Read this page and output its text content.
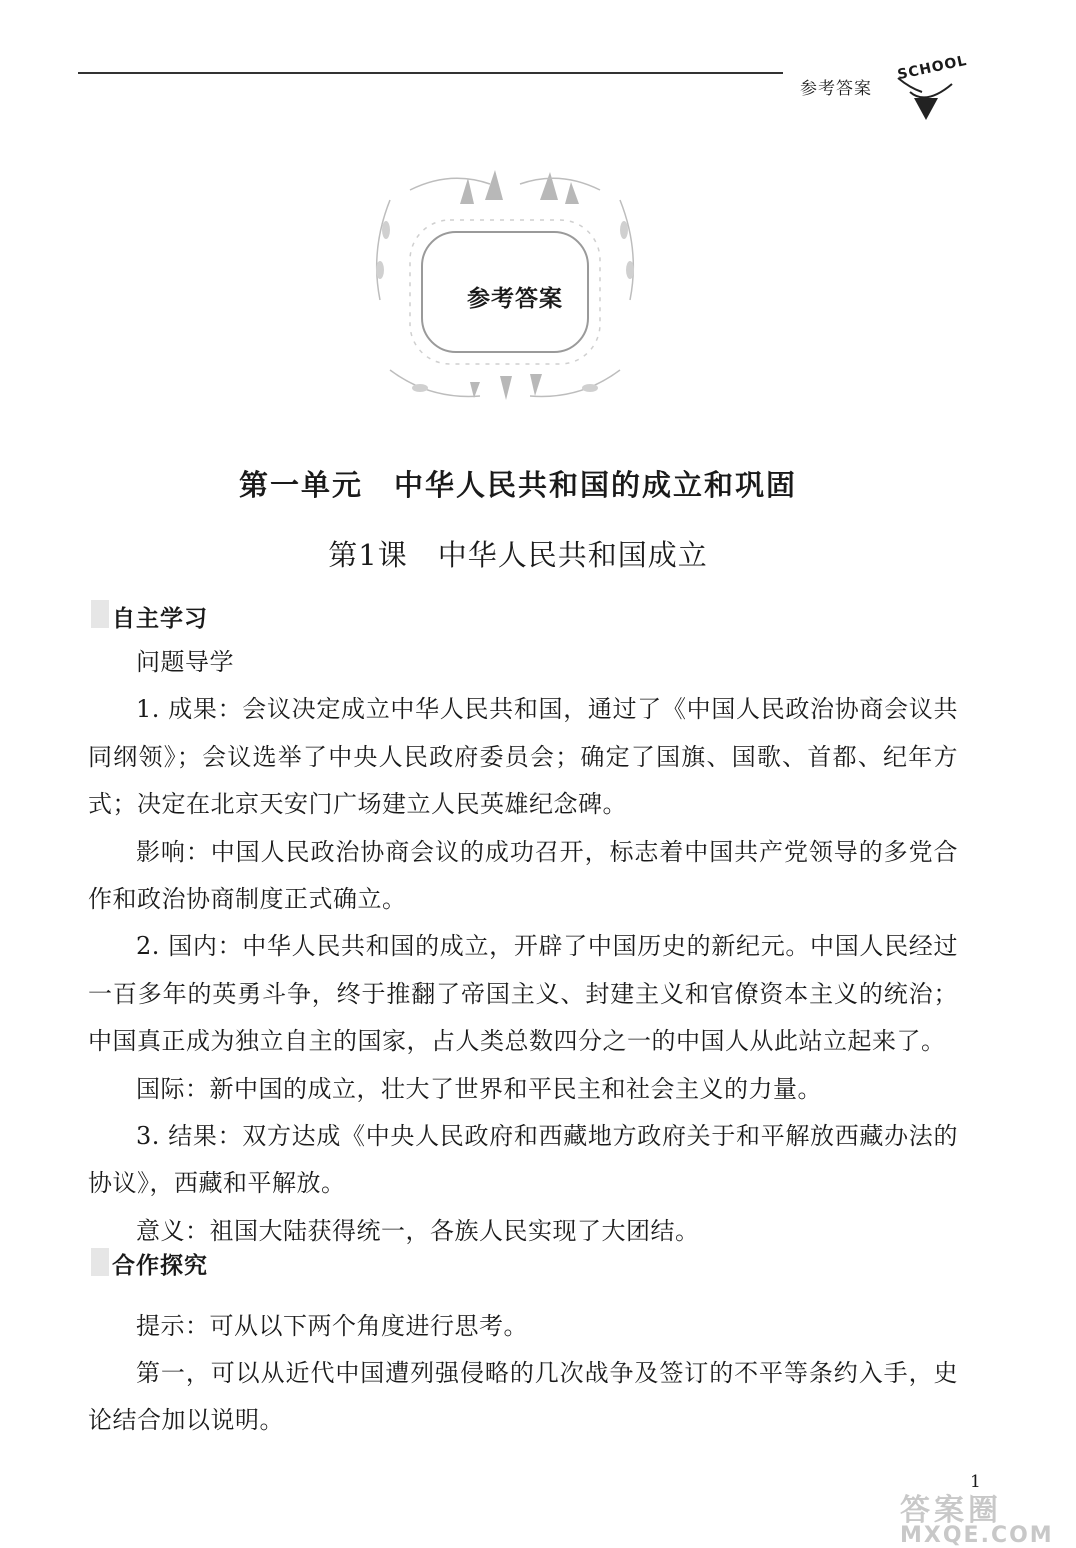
参考答案
SCHOOL
参考答案
第一单元　中华人民共和国的成立和巩固
第1课　中华人民共和国成立
自主学习

问题导学

1. 成果：会议决定成立中华人民共和国，通过了《中国人民政治协商会议共同纲领》；会议选举了中央人民政府委员会；确定了国旗、国歌、首都、纪年方式；决定在北京天安门广场建立人民英雄纪念碑。

影响：中国人民政治协商会议的成功召开，标志着中国共产党领导的多党合作和政治协商制度正式确立。

2. 国内：中华人民共和国的成立，开辟了中国历史的新纪元。中国人民经过一百多年的英勇斗争，终于推翻了帝国主义、封建主义和官僚资本主义的统治；中国真正成为独立自主的国家，占人类总数四分之一的中国人从此站立起来了。

国际：新中国的成立，壮大了世界和平民主和社会主义的力量。

3. 结果：双方达成《中央人民政府和西藏地方政府关于和平解放西藏办法的协议》，西藏和平解放。

意义：祖国大陆获得统一，各族人民实现了大团结。

提示：可从以下两个角度进行思考。

第一，可以从近代中国遭列强侵略的几次战争及签订的不平等条约入手，史论结合加以说明。

合作探究
1
答案圈
MXQE.COM
